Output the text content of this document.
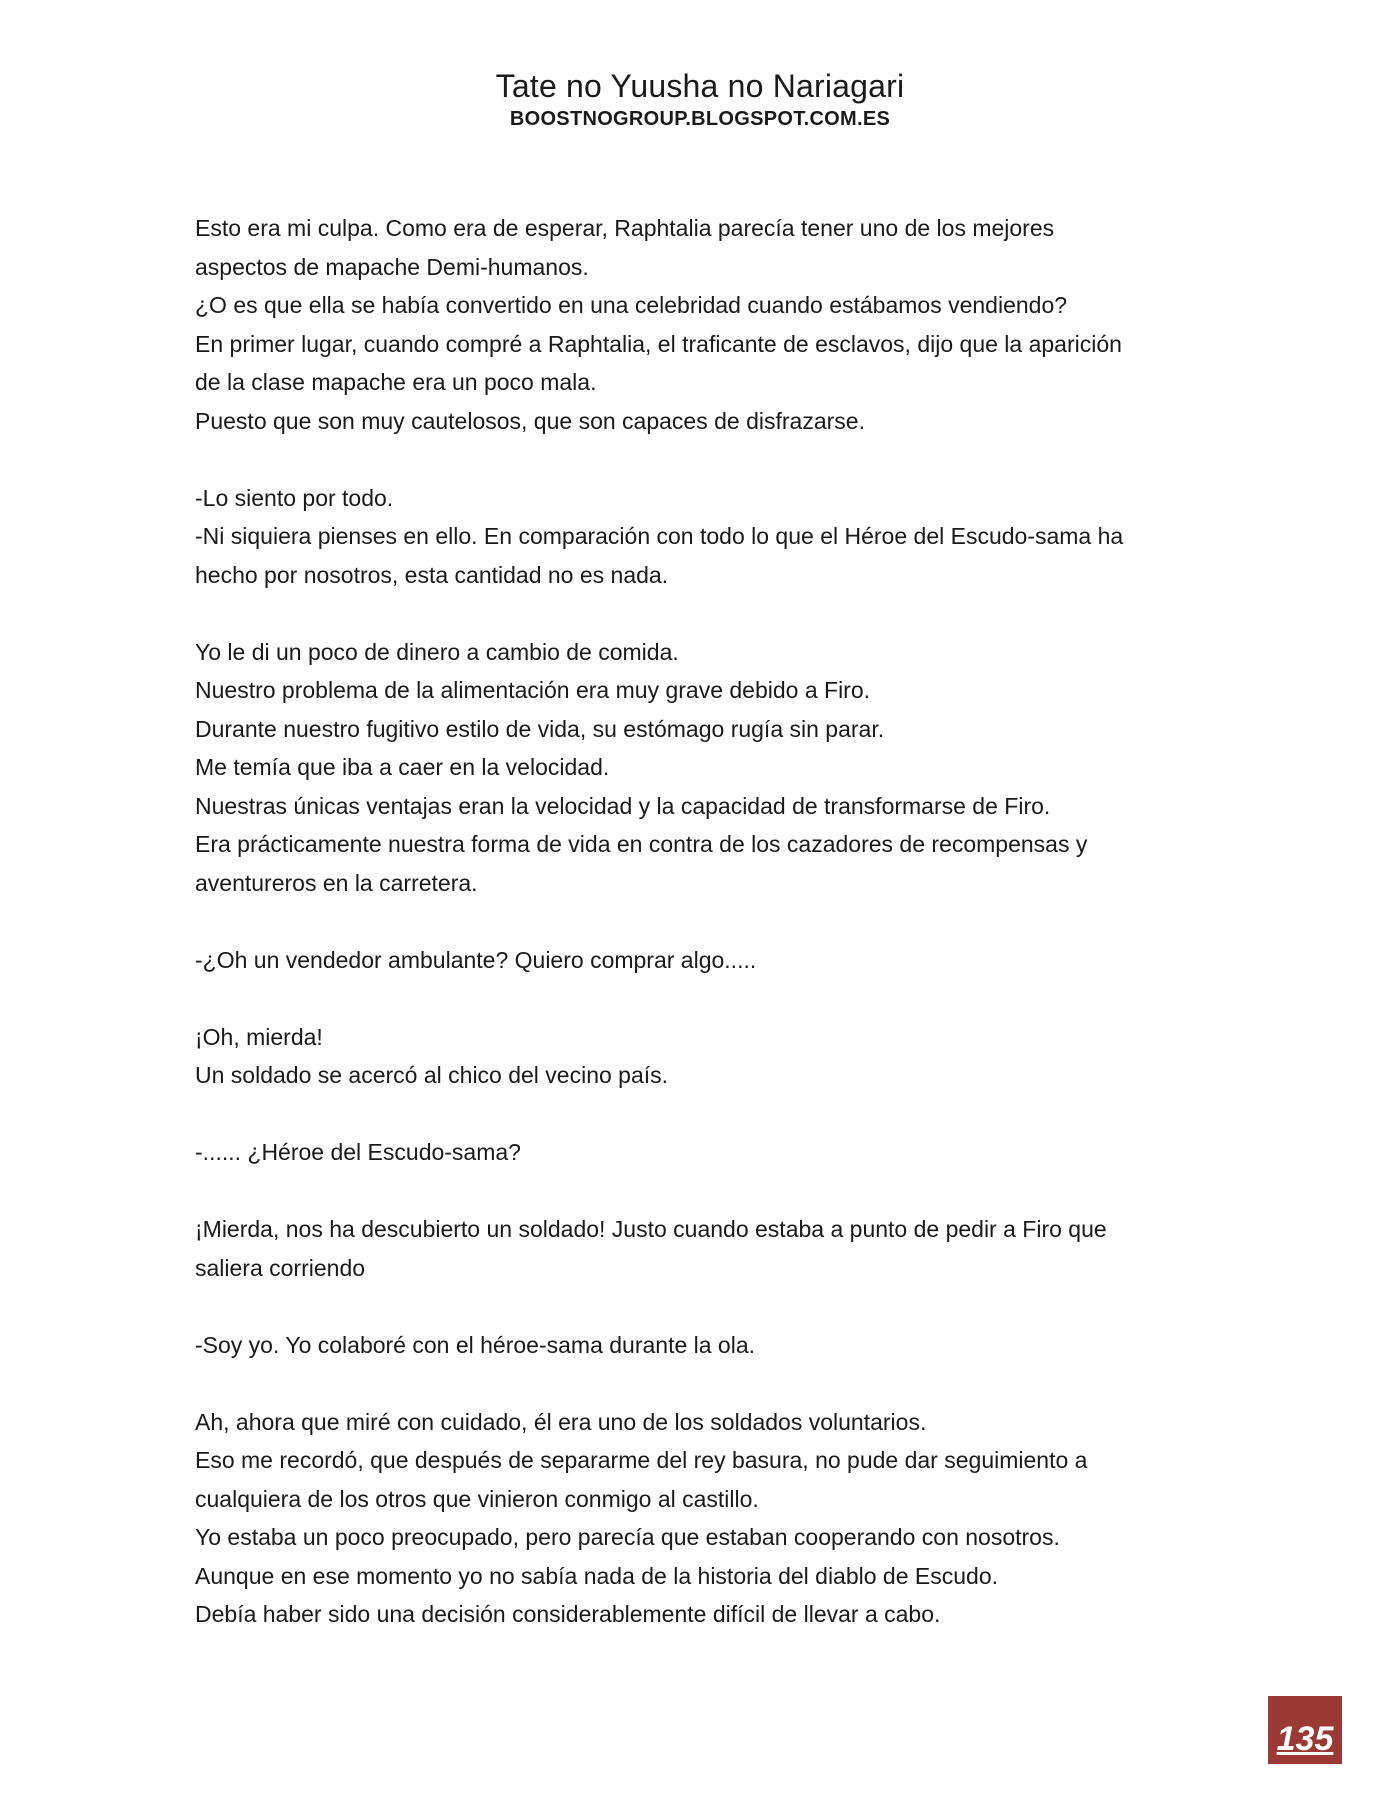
Tate no Yuusha no Nariagari
BOOSTNOGROUP.BLOGSPOT.COM.ES
Esto era mi culpa. Como era de esperar, Raphtalia parecía tener uno de los mejores
aspectos de mapache Demi-humanos.
¿O es que ella se había convertido en una celebridad cuando estábamos vendiendo?
En primer lugar, cuando compré a Raphtalia, el traficante de esclavos, dijo que la aparición
de la clase mapache era un poco mala.
Puesto que son muy cautelosos, que son capaces de disfrazarse.
-Lo siento por todo.
-Ni siquiera pienses en ello. En comparación con todo lo que el Héroe del Escudo-sama ha
hecho por nosotros, esta cantidad no es nada.
Yo le di un poco de dinero a cambio de comida.
Nuestro problema de la alimentación era muy grave debido a Firo.
Durante nuestro fugitivo estilo de vida, su estómago rugía sin parar.
Me temía que iba a caer en la velocidad.
Nuestras únicas ventajas eran la velocidad y la capacidad de transformarse de Firo.
Era prácticamente nuestra forma de vida en contra de los cazadores de recompensas y
aventureros en la carretera.
-¿Oh un vendedor ambulante? Quiero comprar algo.....
¡Oh, mierda!
Un soldado se acercó al chico del vecino país.
-...... ¿Héroe del Escudo-sama?
¡Mierda, nos ha descubierto un soldado! Justo cuando estaba a punto de pedir a Firo que
saliera corriendo
-Soy yo. Yo colaboré con el héroe-sama durante la ola.
Ah, ahora que miré con cuidado, él era uno de los soldados voluntarios.
Eso me recordó, que después de separarme del rey basura, no pude dar seguimiento a
cualquiera de los otros que vinieron conmigo al castillo.
Yo estaba un poco preocupado, pero parecía que estaban cooperando con nosotros.
Aunque en ese momento yo no sabía nada de la historia del diablo de Escudo.
Debía haber sido una decisión considerablemente difícil de llevar a cabo.
135
